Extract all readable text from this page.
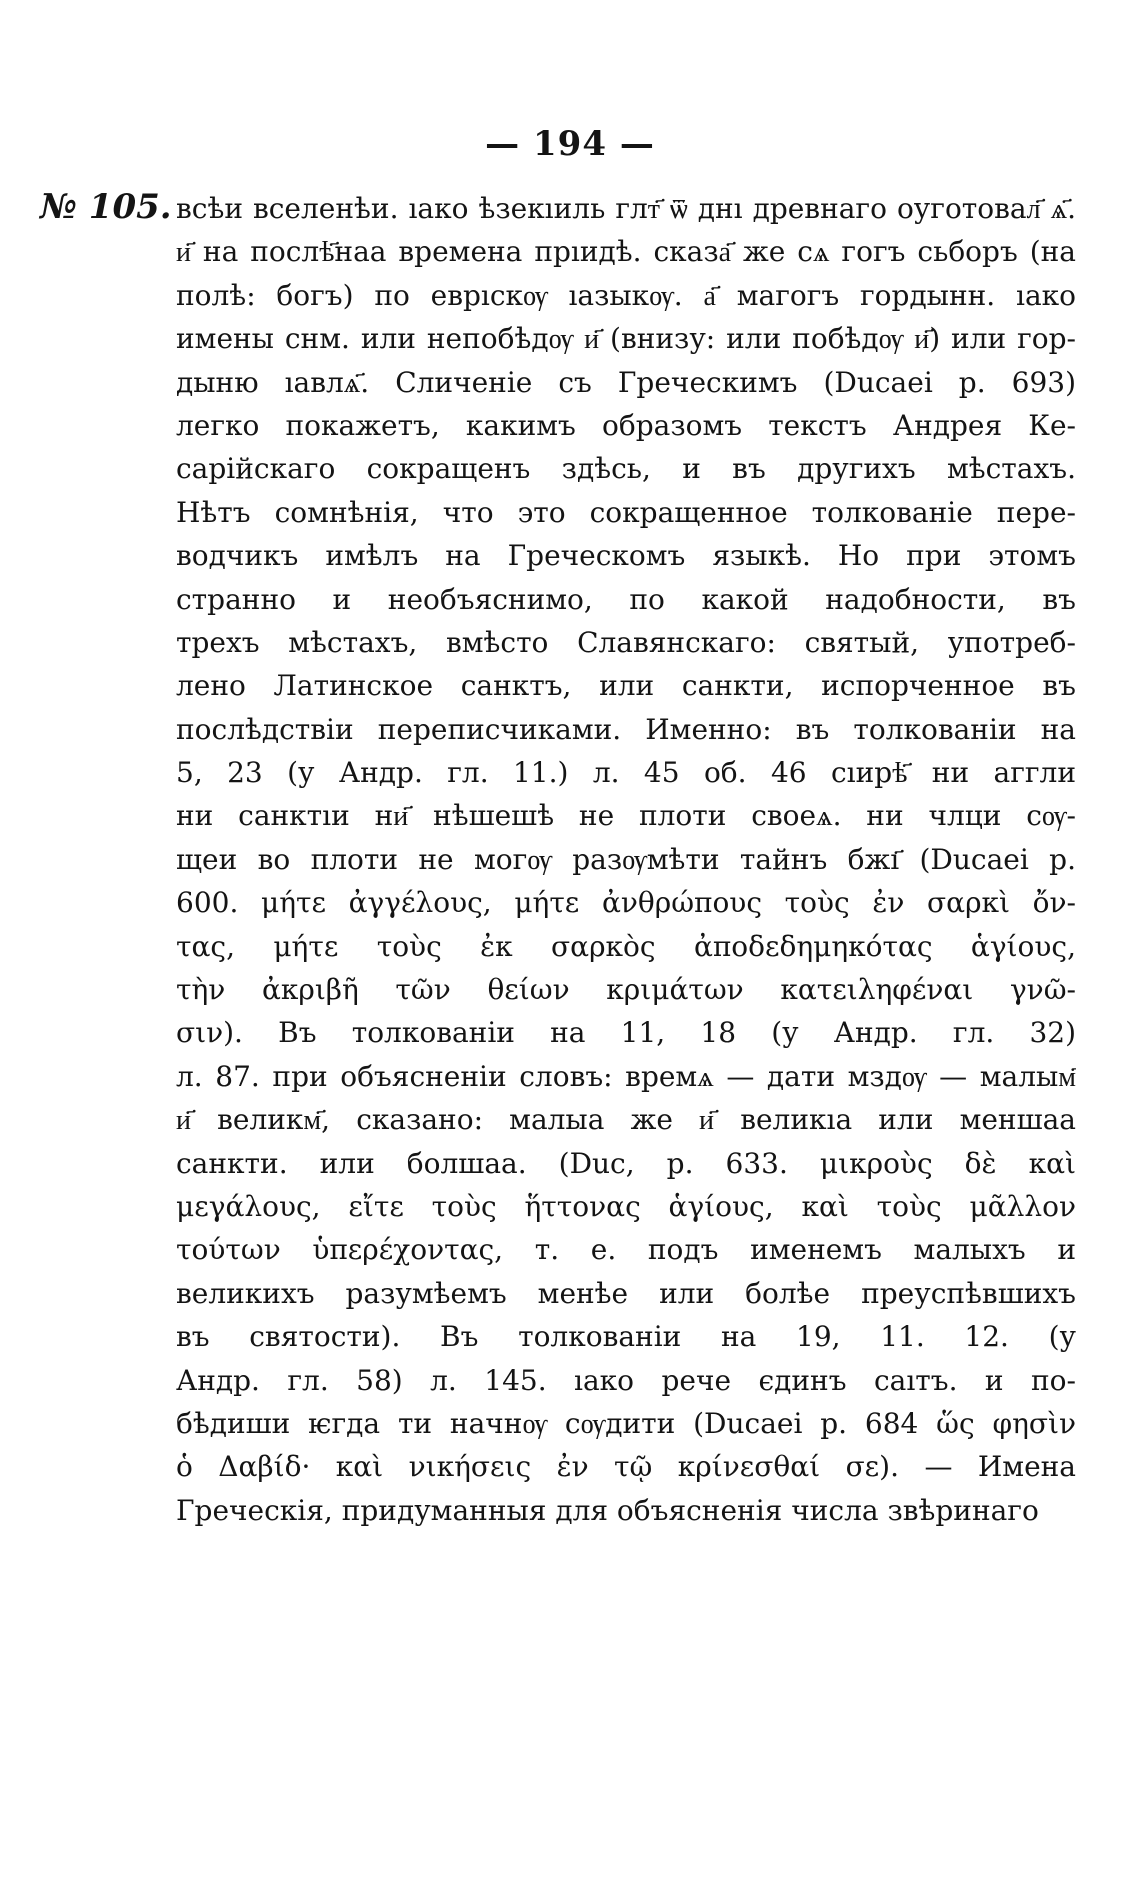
— 194 —
№ 105. всѣи вселенѣи. ıако ѣзекıиль глт҃ ѿ днı древнаго оуготовал҃ ѧ҃.
и҃ на послѣ҃наа времена прıидѣ. сказа҃ же сѧ гогъ сьборъ (на
полѣ: богъ) по еврıскѹ ıазыкѹ. а҃ магогъ гордынн. ıако
имены снм. или непобѣдѹ и҃ (внизу: или побѣдѹ и҃) или гор-
дыню ıавлѧ҃. Сличеніе съ Греческимъ (Ducaei p. 693)
легко покажетъ, какимъ образомъ текстъ Андрея Ке-
сарійскаго сокращенъ здѣсь, и въ другихъ мѣстахъ.
Нѣтъ сомнѣнія, что это сокращенное толкованіе пере-
водчикъ имѣлъ на Греческомъ языкѣ. Но при этомъ
странно и необъяснимо, по какой надобности, въ
трехъ мѣстахъ, вмѣсто Славянскаго: святый, употреб-
лено Латинское санктъ, или санкти, испорченное въ
послѣдствіи переписчиками. Именно: въ толкованіи на
5, 23 (у Андр. гл. 11.) л. 45 об. 46 сıирѣ҃ ни аггли
ни санктıи ни҃ нѣшешѣ не плоти своеѧ. ни члци сѹ-
щеи во плоти не могѹ разѹмѣти тайнъ бжı҃ (Ducaei p.
600. μήτε ἀγγέλους, μήτε ἀνθρώπους τοὺς ἐν σαρκὶ ὄν-
τας, μήτε τοὺς ἐκ σαρκὸς ἀποδεδημηκότας ἁγίους,
τὴν ἀκριβῆ τῶν θείων κριμάτων κατειληφέναι γνῶ-
σιν). Въ толкованіи на 11, 18 (у Андр. гл. 32)
л. 87. при объясненіи словъ: времѧ — дати мздѹ — малым҃
и҃ великм҃, сказано: малыа же и҃ великıа или меншаа
санкти. или болшаа. (Duc, p. 633. μικροὺς δὲ καὶ
μεγάλους, εἴτε τοὺς ἥττονας ἁγίους, καὶ τοὺς μᾶλλον
τούτων ὑπερέχοντας, т. е. подъ именемъ малыхъ и
великихъ разумѣемъ менѣе или болѣе преуспѣвшихъ
въ святости). Въ толкованіи на 19, 11. 12. (у
Андр. гл. 58) л. 145. ıако рече єдинъ саıтъ. и по-
бѣдиши ѥгда ти начнѹ сѹдити (Ducaei p. 684 ὥς φησὶν
ὁ Δαβίδ· καὶ νικήσεις ἐν τῷ κρίνεσθαί σε). — Имена
Греческія, придуманныя для объясненія числа звѣринаго
